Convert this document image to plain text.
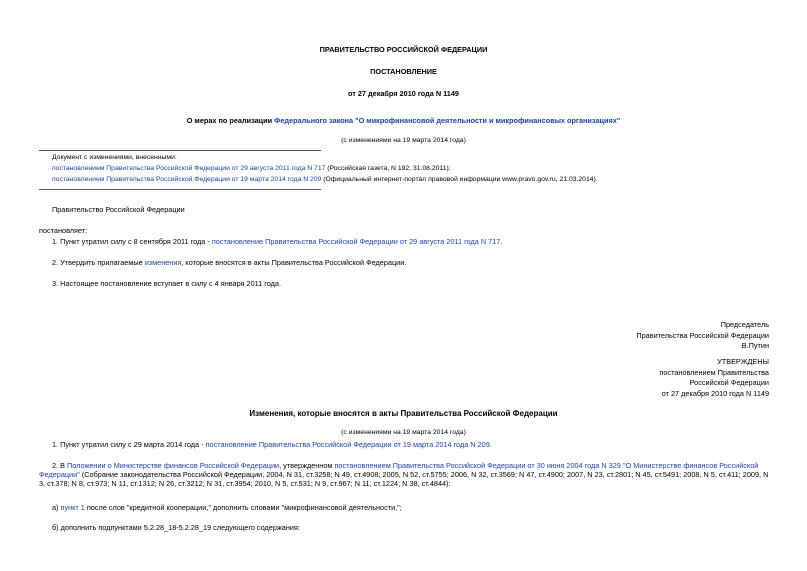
ПРАВИТЕЛЬСТВО РОССИЙСКОЙ ФЕДЕРАЦИИ
ПОСТАНОВЛЕНИЕ
от 27 декабря 2010 года N 1149
О мерах по реализации Федерального закона "О микрофинансовой деятельности и микрофинансовых организациях"
(с изменениями на 19 марта 2014 года)
Документ с изменениями, внесенными:
постановлением Правительства Российской Федерации от 29 августа 2011 года N 717 (Российская газета, N 192, 31.08.2011);
постановлением Правительства Российской Федерации от 19 марта 2014 года N 209 (Официальный интернет-портал правовой информации www.pravo.gov.ru, 21.03.2014).
Правительство Российской Федерации
постановляет:
1. Пункт утратил силу с 8 сентября 2011 года - постановление Правительства Российской Федерации от 29 августа 2011 года N 717.
2. Утвердить прилагаемые изменения, которые вносятся в акты Правительства Российской Федерации.
3. Настоящее постановление вступает в силу с 4 января 2011 года.
Председатель
Правительства Российской Федерации
В.Путин
УТВЕРЖДЕНЫ
постановлением Правительства
Российской Федерации
от 27 декабря 2010 года N 1149
Изменения, которые вносятся в акты Правительства Российской Федерации
(с изменениями на 19 марта 2014 года)
1. Пункт утратил силу с 29 марта 2014 года - постановление Правительства Российской Федерации от 19 марта 2014 года N 209.
2. В Положении о Министерстве финансов Российской Федерации, утвержденном постановлением Правительства Российской Федерации от 30 июня 2004 года N 329 "О Министерстве финансов Российской Федерации" (Собрание законодательства Российской Федерации, 2004, N 31, ст.3258; N 49, ст.4908; 2005, N 52, ст.5755; 2006, N 32, ст.3569; N 47, ст.4900; 2007, N 23, ст.2801; N 45, ст.5491; 2008, N 5, ст.411; 2009, N 3, ст.378; N 8, ст.973; N 11, ст.1312; N 26, ст.3212; N 31, ст.3954; 2010, N 5, ст.531; N 9, ст.967; N 11, ст.1224; N 38, ст.4844):
а) пункт 1 после слов "кредитной кооперации," дополнить словами "микрофинансовой деятельности,";
б) дополнить подпунктами 5.2.28_18-5.2.28_19 следующего содержания:
